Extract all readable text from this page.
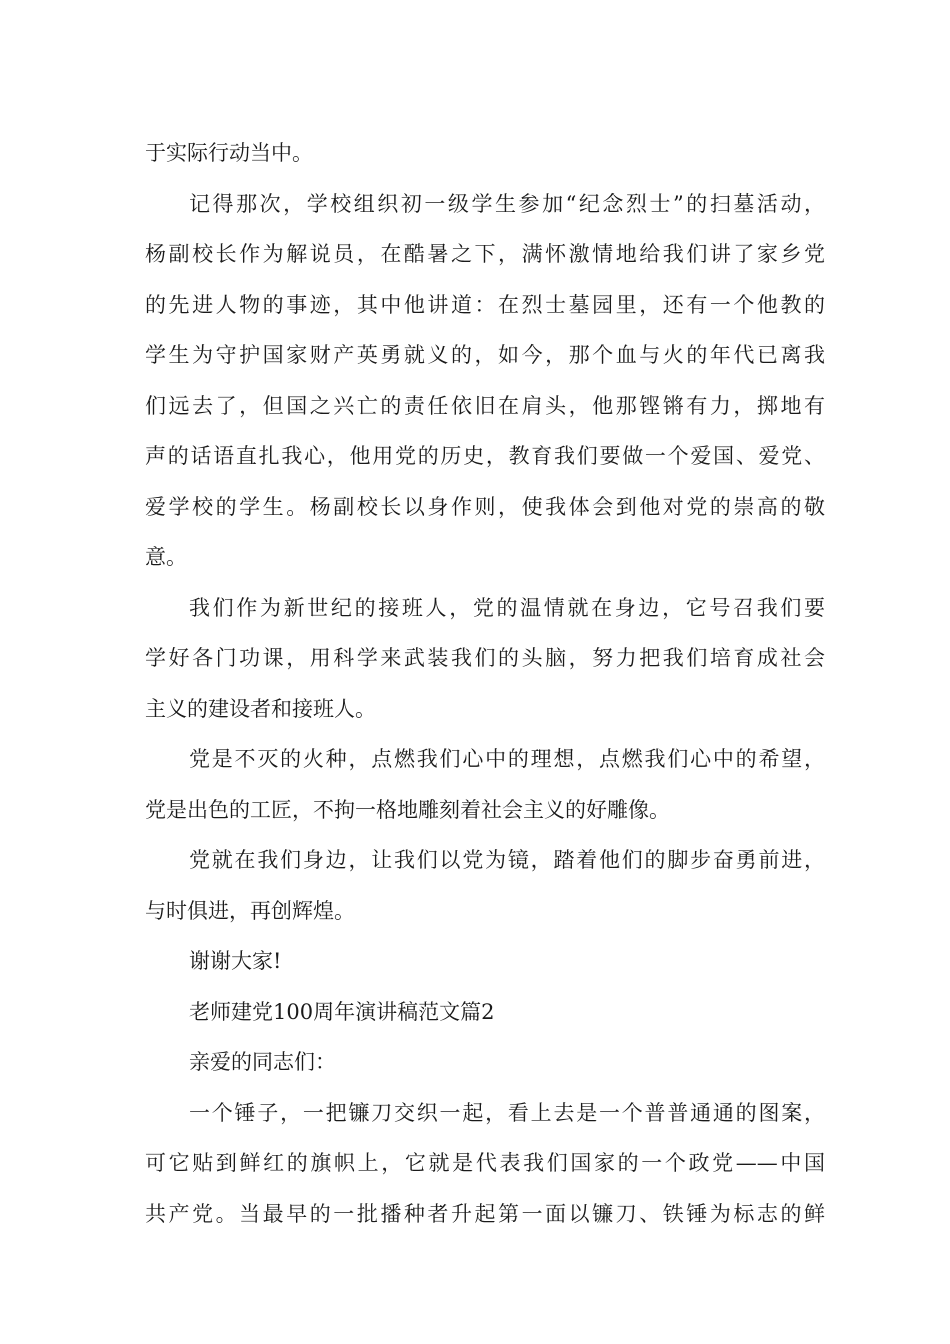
于实际行动当中。
记得那次，学校组织初一级学生参加“纪念烈士”的扫墓活动，
杨副校长作为解说员，在酷暑之下，满怀激情地给我们讲了家乡党
的先进人物的事迹，其中他讲道：在烈士墓园里，还有一个他教的
学生为守护国家财产英勇就义的，如今，那个血与火的年代已离我
们远去了，但国之兴亡的责任依旧在肩头，他那铿锵有力，掷地有
声的话语直扎我心，他用党的历史，教育我们要做一个爱国、爱党、
爱学校的学生。杨副校长以身作则，使我体会到他对党的崇高的敬
意。
我们作为新世纪的接班人，党的温情就在身边，它号召我们要
学好各门功课，用科学来武装我们的头脑，努力把我们培育成社会
主义的建设者和接班人。
党是不灭的火种，点燃我们心中的理想，点燃我们心中的希望，
党是出色的工匠，不拘一格地雕刻着社会主义的好雕像。
党就在我们身边，让我们以党为镜，踏着他们的脚步奋勇前进，
与时俱进，再创辉煌。
谢谢大家!
老师建党100周年演讲稿范文篇2
亲爱的同志们：
一个锤子，一把镰刀交织一起，看上去是一个普普通通的图案，
可它贴到鲜红的旗帜上，它就是代表我们国家的一个政党——中国
共产党。当最早的一批播种者升起第一面以镰刀、铁锤为标志的鲜
